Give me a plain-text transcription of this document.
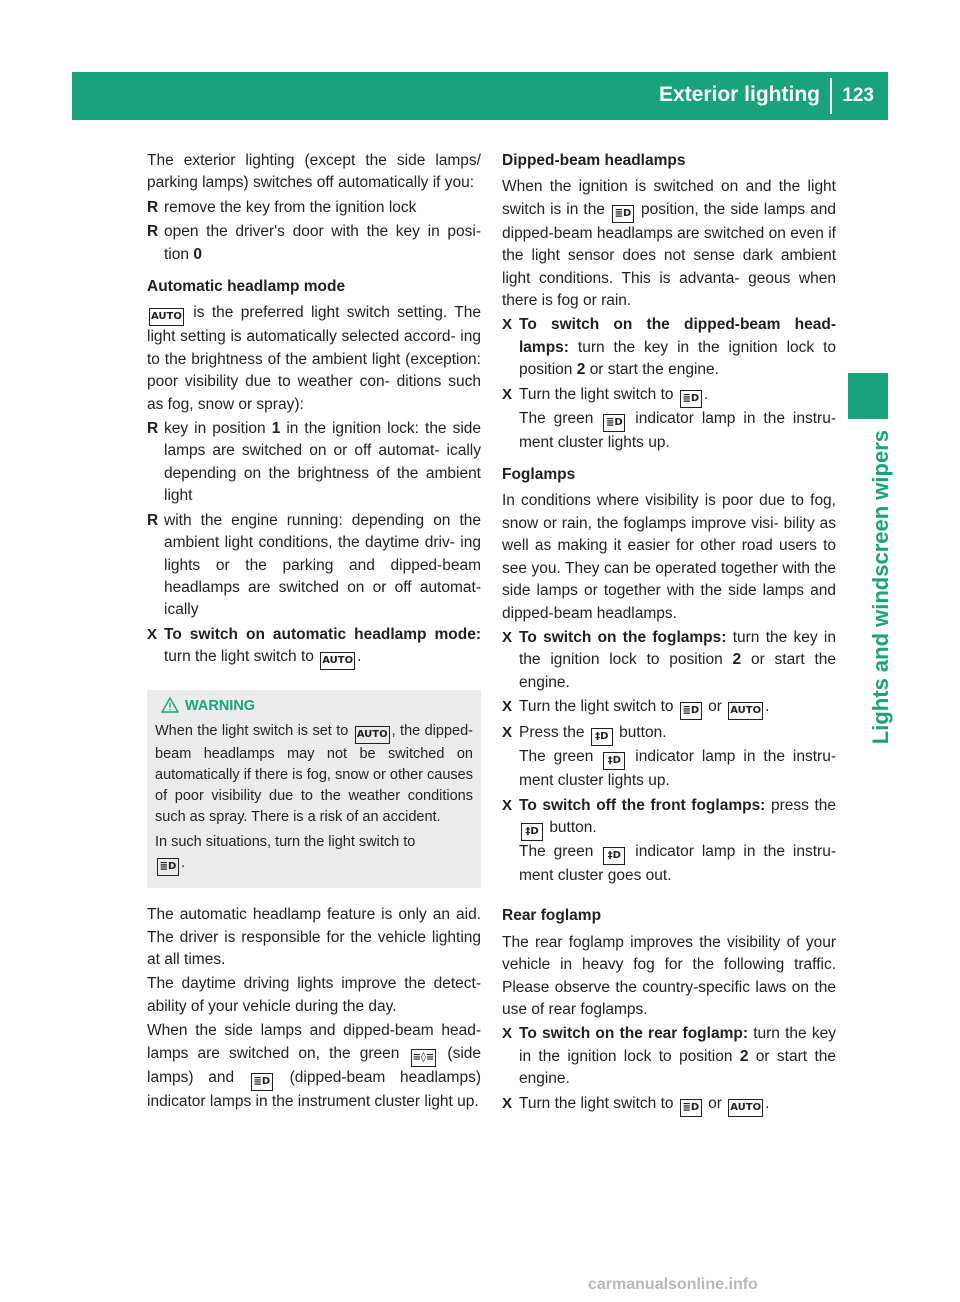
Exterior lighting 123
Lights and windscreen wipers

The exterior lighting (except the side lamps/ parking lamps) switches off automatically if you:

R remove the key from the ignition lock
R open the driver's door with the key in posi- tion 0
Automatic headlamp mode

AUTO is the preferred light switch setting. The light setting is automatically selected accord- ing to the brightness of the ambient light (exception: poor visibility due to weather con- ditions such as fog, snow or spray):

R key in position 1 in the ignition lock: the side lamps are switched on or off automat- ically depending on the brightness of the ambient light
R with the engine running: depending on the ambient light conditions, the daytime driv- ing lights or the parking and dipped-beam headlamps are switched on or off automat- ically
X To switch on automatic headlamp mode: turn the light switch to AUTO .
WARNING

When the light switch is set to AUTO , the dipped-beam headlamps may not be switched on automatically if there is fog, snow or other causes of poor visibility due to the weather conditions such as spray. There is a risk of an accident.

In such situations, turn the light switch to
≣D .

The automatic headlamp feature is only an aid. The driver is responsible for the vehicle lighting at all times.

The daytime driving lights improve the detect- ability of your vehicle during the day.

When the side lamps and dipped-beam head- lamps are switched on, the green ≡◊≡ (side lamps) and ≣D (dipped-beam headlamps) indicator lamps in the instrument cluster light up.

Dipped-beam headlamps

When the ignition is switched on and the light switch is in the ≣D position, the side lamps and dipped-beam headlamps are switched on even if the light sensor does not sense dark ambient light conditions. This is advanta- geous when there is fog or rain.

X To switch on the dipped-beam head- lamps: turn the key in the ignition lock to position 2 or start the engine.
X Turn the light switch to ≣D .
The green ≣D indicator lamp in the instru- ment cluster lights up.
Foglamps

In conditions where visibility is poor due to fog, snow or rain, the foglamps improve visi- bility as well as making it easier for other road users to see you. They can be operated together with the side lamps or together with the side lamps and dipped-beam headlamps.

X To switch on the foglamps: turn the key in the ignition lock to position 2 or start the engine.
X Turn the light switch to ≣D or AUTO .
X Press the ‡D button.
The green ‡D indicator lamp in the instru- ment cluster lights up.
X To switch off the front foglamps: press the ‡D button.
The green ‡D indicator lamp in the instru- ment cluster goes out.
Rear foglamp

The rear foglamp improves the visibility of your vehicle in heavy fog for the following traffic. Please observe the country-specific laws on the use of rear foglamps.

X To switch on the rear foglamp: turn the key in the ignition lock to position 2 or start the engine.
X Turn the light switch to ≣D or AUTO .
carmanualsonline.info
